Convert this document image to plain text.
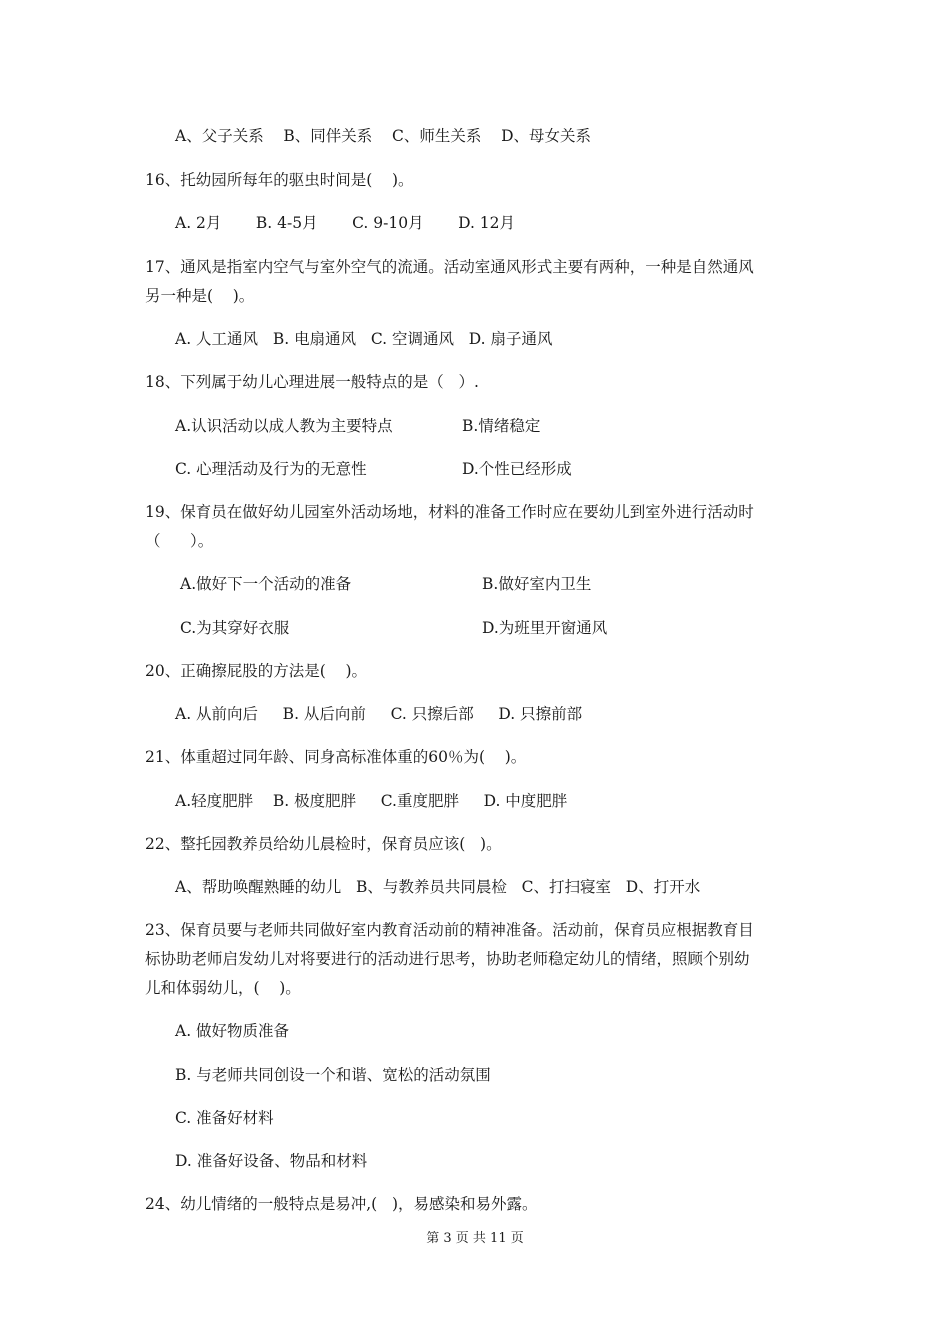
A、父子关系    B、同伴关系    C、师生关系    D、母女关系
16、托幼园所每年的驱虫时间是(    )。
A. 2月       B. 4-5月       C. 9-10月       D. 12月
17、通风是指室内空气与室外空气的流通。活动室通风形式主要有两种，一种是自然通风
另一种是(    )。
A. 人工通风   B. 电扇通风   C. 空调通风   D. 扇子通风
18、下列属于幼儿心理进展一般特点的是（   ）.
A.认识活动以成人教为主要特点	B.情绪稳定
C. 心理活动及行为的无意性	D.个性已经形成
19、保育员在做好幼儿园室外活动场地，材料的准备工作时应在要幼儿到室外进行活动时
（      ）。
A.做好下一个活动的准备	B.做好室内卫生
C.为其穿好衣服	D.为班里开窗通风
20、正确擦屁股的方法是(    )。
A. 从前向后     B. 从后向前     C. 只擦后部     D. 只擦前部
21、体重超过同年龄、同身高标准体重的60％为(    )。
A.轻度肥胖    B. 极度肥胖     C.重度肥胖     D. 中度肥胖
22、整托园教养员给幼儿晨检时，保育员应该(   )。
A、帮助唤醒熟睡的幼儿   B、与教养员共同晨检   C、打扫寝室   D、打开水
23、保育员要与老师共同做好室内教育活动前的精神准备。活动前，保育员应根据教育目
标协助老师启发幼儿对将要进行的活动进行思考，协助老师稳定幼儿的情绪，照顾个别幼
儿和体弱幼儿，(    )。
A. 做好物质准备
B. 与老师共同创设一个和谐、宽松的活动氛围
C. 准备好材料
D. 准备好设备、物品和材料
24、幼儿情绪的一般特点是易冲,(   )，易感染和易外露。
第 3 页 共 11 页
